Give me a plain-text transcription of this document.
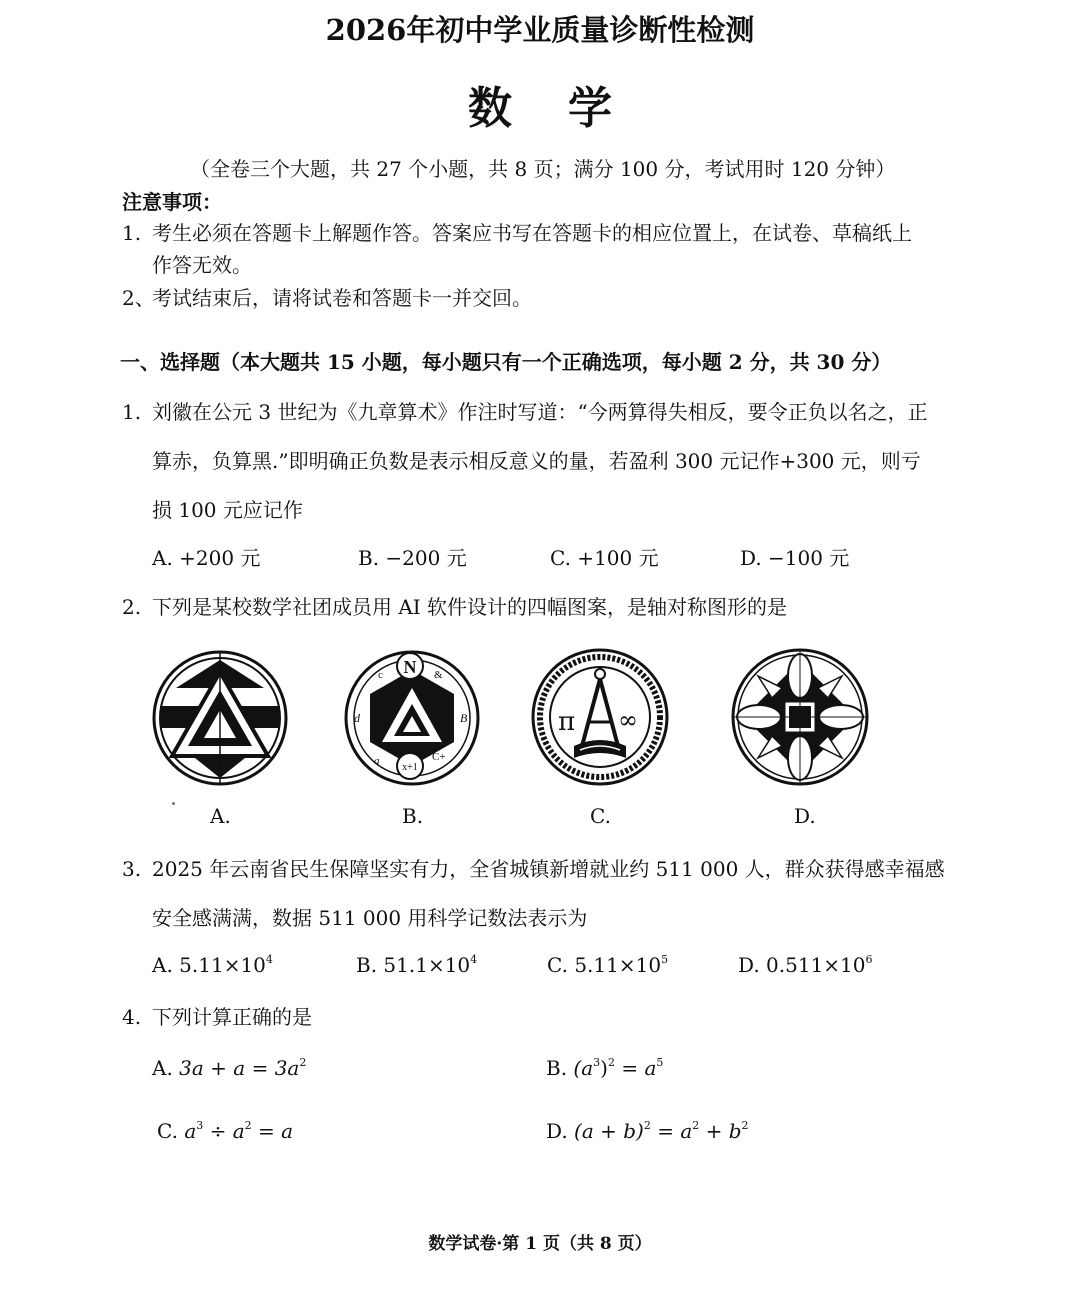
2026年初中学业质量诊断性检测
数 学
（全卷三个大题，共 27 个小题，共 8 页；满分 100 分，考试用时 120 分钟）
注意事项：
1. 考生必须在答题卡上解题作答。答案应书写在答题卡的相应位置上，在试卷、草稿纸上
作答无效。
2、考试结束后，请将试卷和答题卡一并交回。
一、选择题（本大题共 15 小题，每小题只有一个正确选项，每小题 2 分，共 30 分）
1. 刘徽在公元 3 世纪为《九章算术》作注时写道：“今两算得失相反，要令正负以名之，正
算赤，负算黑.”即明确正负数是表示相反意义的量，若盈利 300 元记作+300 元，则亏
损 100 元应记作
A. +200 元	B. −200 元	C. +100 元	D. −100 元
2. 下列是某校数学社团成员用 AI 软件设计的四幅图案，是轴对称图形的是
A.
N
c	&
d	B
a	C+
x+1
B.
π ∞
C.	D.
3. 2025 年云南省民生保障坚实有力，全省城镇新增就业约 511 000 人，群众获得感幸福感
安全感满满，数据 511 000 用科学记数法表示为
A. $5.11\times 10^4$	B. $51.1\times 10^4$	C. $5.11\times 10^5$	D. $0.511\times 10^6$
4. 下列计算正确的是
A. $3a + a = 3a^2$	B. $(a^3)^2 = a^5$
C. $a^3 \div a^2 = a$	D. $(a + b)^2 = a^2 + b^2$
数学试卷·第 1 页（共 8 页）
